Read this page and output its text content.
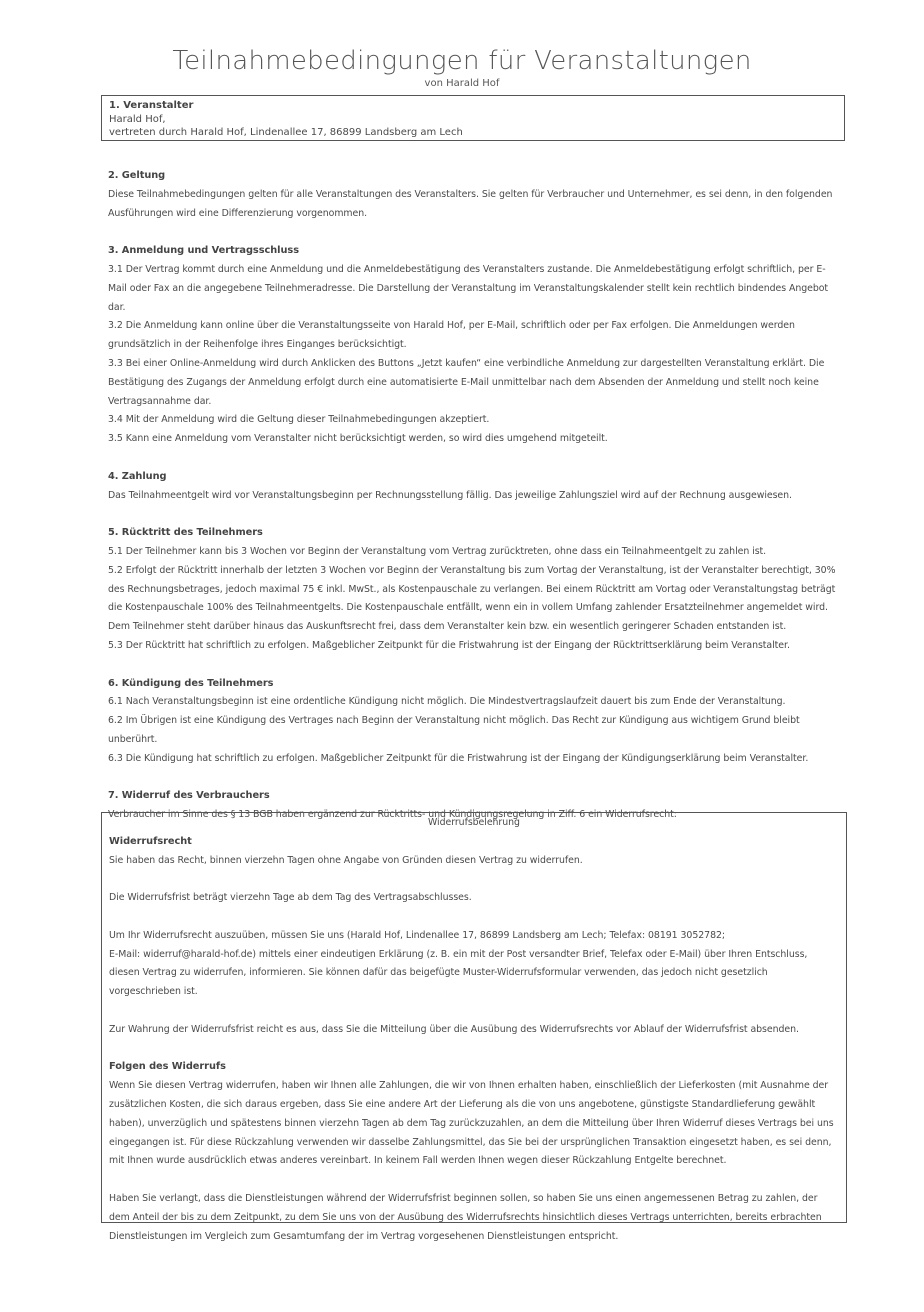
Teilnahmebedingungen für Veranstaltungen
von Harald Hof
1. Veranstalter
Harald Hof,
vertreten durch Harald Hof, Lindenallee 17, 86899 Landsberg am Lech
2. Geltung

Diese Teilnahmebedingungen gelten für alle Veranstaltungen des Veranstalters. Sie gelten für Verbraucher und Unternehmer, es sei denn, in den folgenden Ausführungen wird eine Differenzierung vorgenommen.

3. Anmeldung und Vertragsschluss

3.1 Der Vertrag kommt durch eine Anmeldung und die Anmeldebestätigung des Veranstalters zustande. Die Anmeldebestätigung erfolgt schriftlich, per E-Mail oder Fax an die angegebene Teilnehmeradresse. Die Darstellung der Veranstaltung im Veranstaltungskalender stellt kein rechtlich bindendes Angebot dar.

3.2 Die Anmeldung kann online über die Veranstaltungsseite von Harald Hof, per E-Mail, schriftlich oder per Fax erfolgen. Die Anmeldungen werden grundsätzlich in der Reihenfolge ihres Einganges berücksichtigt.

3.3 Bei einer Online-Anmeldung wird durch Anklicken des Buttons „Jetzt kaufen“ eine verbindliche Anmeldung zur dargestellten Veranstaltung erklärt. Die Bestätigung des Zugangs der Anmeldung erfolgt durch eine automatisierte E-Mail unmittelbar nach dem Absenden der Anmeldung und stellt noch keine Vertragsannahme dar.

3.4 Mit der Anmeldung wird die Geltung dieser Teilnahmebedingungen akzeptiert.

3.5 Kann eine Anmeldung vom Veranstalter nicht berücksichtigt werden, so wird dies umgehend mitgeteilt.

4. Zahlung

Das Teilnahmeentgelt wird vor Veranstaltungsbeginn per Rechnungsstellung fällig. Das jeweilige Zahlungsziel wird auf der Rechnung ausgewiesen.

5. Rücktritt des Teilnehmers

5.1 Der Teilnehmer kann bis 3 Wochen vor Beginn der Veranstaltung vom Vertrag zurücktreten, ohne dass ein Teilnahmeentgelt zu zahlen ist.

5.2 Erfolgt der Rücktritt innerhalb der letzten 3 Wochen vor Beginn der Veranstaltung bis zum Vortag der Veranstaltung, ist der Veranstalter berechtigt, 30% des Rechnungsbetrages, jedoch maximal 75 € inkl. MwSt., als Kostenpauschale zu verlangen. Bei einem Rücktritt am Vortag oder Veranstaltungstag beträgt die Kostenpauschale 100% des Teilnahmeentgelts. Die Kostenpauschale entfällt, wenn ein in vollem Umfang zahlender Ersatzteilnehmer angemeldet wird. Dem Teilnehmer steht darüber hinaus das Auskunftsrecht frei, dass dem Veranstalter kein bzw. ein wesentlich geringerer Schaden entstanden ist.

5.3 Der Rücktritt hat schriftlich zu erfolgen. Maßgeblicher Zeitpunkt für die Fristwahrung ist der Eingang der Rücktrittserklärung beim Veranstalter.

6. Kündigung des Teilnehmers

6.1 Nach Veranstaltungsbeginn ist eine ordentliche Kündigung nicht möglich. Die Mindestvertragslaufzeit dauert bis zum Ende der Veranstaltung.

6.2 Im Übrigen ist eine Kündigung des Vertrages nach Beginn der Veranstaltung nicht möglich. Das Recht zur Kündigung aus wichtigem Grund bleibt unberührt.

6.3 Die Kündigung hat schriftlich zu erfolgen. Maßgeblicher Zeitpunkt für die Fristwahrung ist der Eingang der Kündigungserklärung beim Veranstalter.

7. Widerruf des Verbrauchers

Verbraucher im Sinne des § 13 BGB haben ergänzend zur Rücktritts- und Kündigungsregelung in Ziff. 6 ein Widerrufsrecht:

Widerrufsbelehrung
Widerrufsrecht

Sie haben das Recht, binnen vierzehn Tagen ohne Angabe von Gründen diesen Vertrag zu widerrufen.

Die Widerrufsfrist beträgt vierzehn Tage ab dem Tag des Vertragsabschlusses.

Um Ihr Widerrufsrecht auszuüben, müssen Sie uns (Harald Hof, Lindenallee 17, 86899 Landsberg am Lech; Telefax: 08191 3052782;

E-Mail: widerruf@harald-hof.de) mittels einer eindeutigen Erklärung (z. B. ein mit der Post versandter Brief, Telefax oder E-Mail) über Ihren Entschluss, diesen Vertrag zu widerrufen, informieren. Sie können dafür das beigefügte Muster-Widerrufsformular verwenden, das jedoch nicht gesetzlich vorgeschrieben ist.

Zur Wahrung der Widerrufsfrist reicht es aus, dass Sie die Mitteilung über die Ausübung des Widerrufsrechts vor Ablauf der Widerrufsfrist absenden.

Folgen des Widerrufs

Wenn Sie diesen Vertrag widerrufen, haben wir Ihnen alle Zahlungen, die wir von Ihnen erhalten haben, einschließlich der Lieferkosten (mit Ausnahme der zusätzlichen Kosten, die sich daraus ergeben, dass Sie eine andere Art der Lieferung als die von uns angebotene, günstigste Standardlieferung gewählt haben), unverzüglich und spätestens binnen vierzehn Tagen ab dem Tag zurückzuzahlen, an dem die Mitteilung über Ihren Widerruf dieses Vertrags bei uns eingegangen ist. Für diese Rückzahlung verwenden wir dasselbe Zahlungsmittel, das Sie bei der ursprünglichen Transaktion eingesetzt haben, es sei denn, mit Ihnen wurde ausdrücklich etwas anderes vereinbart. In keinem Fall werden Ihnen wegen dieser Rückzahlung Entgelte berechnet.

Haben Sie verlangt, dass die Dienstleistungen während der Widerrufsfrist beginnen sollen, so haben Sie uns einen angemessenen Betrag zu zahlen, der dem Anteil der bis zu dem Zeitpunkt, zu dem Sie uns von der Ausübung des Widerrufsrechts hinsichtlich dieses Vertrags unterrichten, bereits erbrachten Dienstleistungen im Vergleich zum Gesamtumfang der im Vertrag vorgesehenen Dienstleistungen entspricht.
